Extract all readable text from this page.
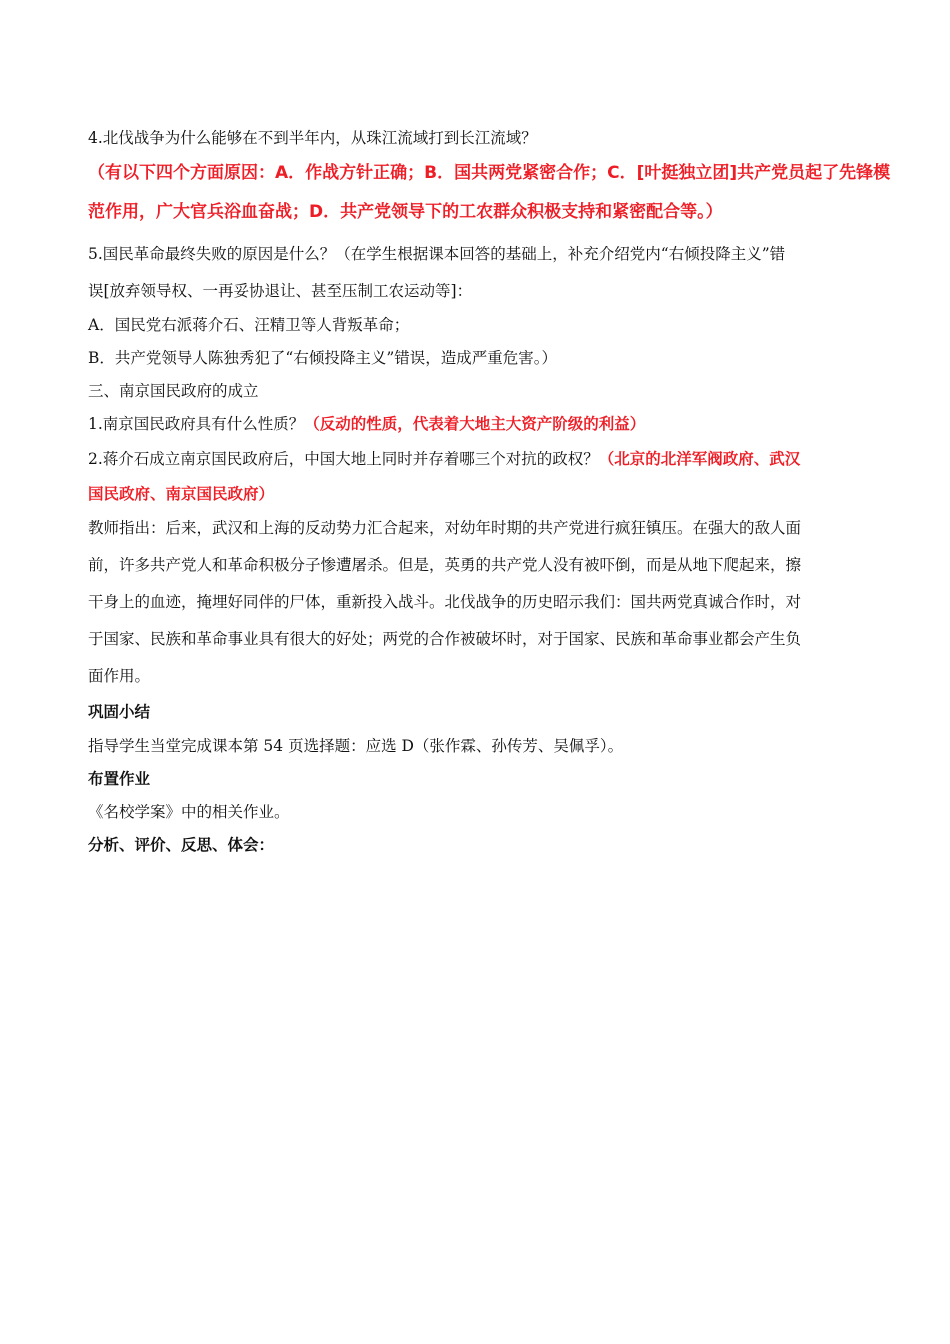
4.北伐战争为什么能够在不到半年内，从珠江流域打到长江流域？
（有以下四个方面原因：A．作战方针正确；B．国共两党紧密合作；C．[叶挺独立团]共产党员起了先锋模
范作用，广大官兵浴血奋战；D．共产党领导下的工农群众积极支持和紧密配合等。）
5.国民革命最终失败的原因是什么？（在学生根据课本回答的基础上，补充介绍党内“右倾投降主义”错
误[放弃领导权、一再妥协退让、甚至压制工农运动等]：
A．国民党右派蒋介石、汪精卫等人背叛革命；
B．共产党领导人陈独秀犯了“右倾投降主义”错误，造成严重危害。）
三、南京国民政府的成立
1.南京国民政府具有什么性质？（反动的性质，代表着大地主大资产阶级的利益）
2.蒋介石成立南京国民政府后，中国大地上同时并存着哪三个对抗的政权？（北京的北洋军阀政府、武汉
国民政府、南京国民政府）
教师指出：后来，武汉和上海的反动势力汇合起来，对幼年时期的共产党进行疯狂镇压。在强大的敌人面
前，许多共产党人和革命积极分子惨遭屠杀。但是，英勇的共产党人没有被吓倒，而是从地下爬起来，擦
干身上的血迹，掩埋好同伴的尸体，重新投入战斗。北伐战争的历史昭示我们：国共两党真诚合作时，对
于国家、民族和革命事业具有很大的好处；两党的合作被破坏时，对于国家、民族和革命事业都会产生负
面作用。
巩固小结
指导学生当堂完成课本第 54 页选择题：应选 D（张作霖、孙传芳、吴佩孚）。
布置作业
《名校学案》中的相关作业。
分析、评价、反思、体会：
